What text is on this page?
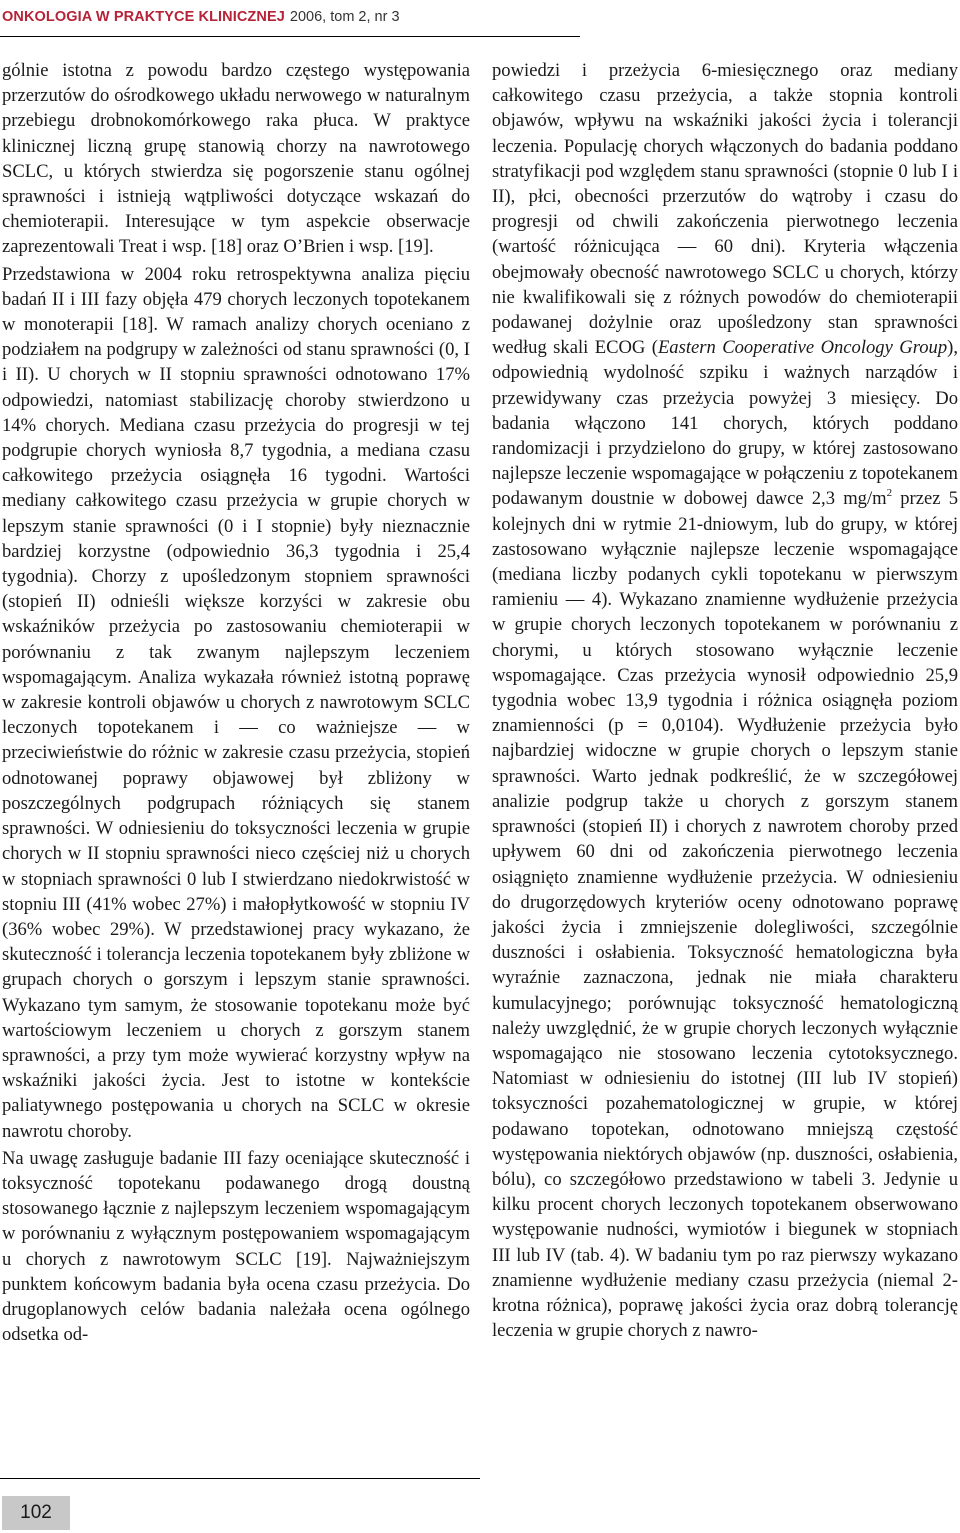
ONKOLOGIA W PRAKTYCE KLINICZNEJ 2006, tom 2, nr 3

gólnie istotna z powodu bardzo częstego występowania przerzutów do ośrodkowego układu nerwowego w naturalnym przebiegu drobnokomórkowego raka płuca. W praktyce klinicznej liczną grupę stanowią chorzy na nawrotowego SCLC, u których stwierdza się pogorszenie stanu ogólnej sprawności i istnieją wątpliwości dotyczące wskazań do chemioterapii. Interesujące w tym aspekcie obserwacje zaprezentowali Treat i wsp. [18] oraz O’Brien i wsp. [19].

Przedstawiona w 2004 roku retrospektywna analiza pięciu badań II i III fazy objęła 479 chorych leczonych topotekanem w monoterapii [18]. W ramach analizy chorych oceniano z podziałem na podgrupy w zależności od stanu sprawności (0, I i II). U chorych w II stopniu sprawności odnotowano 17% odpowiedzi, natomiast stabilizację choroby stwierdzono u 14% chorych. Mediana czasu przeżycia do progresji w tej podgrupie chorych wyniosła 8,7 tygodnia, a mediana czasu całkowitego przeżycia osiągnęła 16 tygodni. Wartości mediany całkowitego czasu przeżycia w grupie chorych w lepszym stanie sprawności (0 i I stopnie) były nieznacznie bardziej korzystne (odpowiednio 36,3 tygodnia i 25,4 tygodnia). Chorzy z upośledzonym stopniem sprawności (stopień II) odnieśli większe korzyści w zakresie obu wskaźników przeżycia po zastosowaniu chemioterapii w porównaniu z tak zwanym najlepszym leczeniem wspomagającym. Analiza wykazała również istotną poprawę w zakresie kontroli objawów u chorych z nawrotowym SCLC leczonych topotekanem i — co ważniejsze — w przeciwieństwie do różnic w zakresie czasu przeżycia, stopień odnotowanej poprawy objawowej był zbliżony w poszczególnych podgrupach różniących się stanem sprawności. W odniesieniu do toksyczności leczenia w grupie chorych w II stopniu sprawności nieco częściej niż u chorych w stopniach sprawności 0 lub I stwierdzano niedokrwistość w stopniu III (41% wobec 27%) i małopłytkowość w stopniu IV (36% wobec 29%). W przedstawionej pracy wykazano, że skuteczność i tolerancja leczenia topotekanem były zbliżone w grupach chorych o gorszym i lepszym stanie sprawności. Wykazano tym samym, że stosowanie topotekanu może być wartościowym leczeniem u chorych z gorszym stanem sprawności, a przy tym może wywierać korzystny wpływ na wskaźniki jakości życia. Jest to istotne w kontekście paliatywnego postępowania u chorych na SCLC w okresie nawrotu choroby.

Na uwagę zasługuje badanie III fazy oceniające skuteczność i toksyczność topotekanu podawanego drogą doustną stosowanego łącznie z najlepszym leczeniem wspomagającym w porównaniu z wyłącznym postępowaniem wspomagającym u chorych z nawrotowym SCLC [19]. Najważniejszym punktem końcowym badania była ocena czasu przeżycia. Do drugoplanowych celów badania należała ocena ogólnego odsetka od-

powiedzi i przeżycia 6-miesięcznego oraz mediany całkowitego czasu przeżycia, a także stopnia kontroli objawów, wpływu na wskaźniki jakości życia i tolerancji leczenia. Populację chorych włączonych do badania poddano stratyfikacji pod względem stanu sprawności (stopnie 0 lub I i II), płci, obecności przerzutów do wątroby i czasu do progresji od chwili zakończenia pierwotnego leczenia (wartość różnicująca — 60 dni). Kryteria włączenia obejmowały obecność nawrotowego SCLC u chorych, którzy nie kwalifikowali się z różnych powodów do chemioterapii podawanej dożylnie oraz upośledzony stan sprawności według skali ECOG (Eastern Cooperative Oncology Group), odpowiednią wydolność szpiku i ważnych narządów i przewidywany czas przeżycia powyżej 3 miesięcy. Do badania włączono 141 chorych, których poddano randomizacji i przydzielono do grupy, w której zastosowano najlepsze leczenie wspomagające w połączeniu z topotekanem podawanym doustnie w dobowej dawce 2,3 $mg/m^2$ przez 5 kolejnych dni w rytmie 21-dniowym, lub do grupy, w której zastosowano wyłącznie najlepsze leczenie wspomagające (mediana liczby podanych cykli topotekanu w pierwszym ramieniu — 4). Wykazano znamienne wydłużenie przeżycia w grupie chorych leczonych topotekanem w porównaniu z chorymi, u których stosowano wyłącznie leczenie wspomagające. Czas przeżycia wynosił odpowiednio 25,9 tygodnia wobec 13,9 tygodnia i różnica osiągnęła poziom znamienności (p = 0,0104). Wydłużenie przeżycia było najbardziej widoczne w grupie chorych o lepszym stanie sprawności. Warto jednak podkreślić, że w szczegółowej analizie podgrup także u chorych z gorszym stanem sprawności (stopień II) i chorych z nawrotem choroby przed upływem 60 dni od zakończenia pierwotnego leczenia osiągnięto znamienne wydłużenie przeżycia. W odniesieniu do drugorzędowych kryteriów oceny odnotowano poprawę jakości życia i zmniejszenie dolegliwości, szczególnie duszności i osłabienia. Toksyczność hematologiczna była wyraźnie zaznaczona, jednak nie miała charakteru kumulacyjnego; porównując toksyczność hematologiczną należy uwzględnić, że w grupie chorych leczonych wyłącznie wspomagająco nie stosowano leczenia cytotoksycznego. Natomiast w odniesieniu do istotnej (III lub IV stopień) toksyczności pozahematologicznej w grupie, w której podawano topotekan, odnotowano mniejszą częstość występowania niektórych objawów (np. duszności, osłabienia, bólu), co szczegółowo przedstawiono w tabeli 3. Jedynie u kilku procent chorych leczonych topotekanem obserwowano występowanie nudności, wymiotów i biegunek w stopniach III lub IV (tab. 4). W badaniu tym po raz pierwszy wykazano znamienne wydłużenie mediany czasu przeżycia (niemal 2-krotna różnica), poprawę jakości życia oraz dobrą tolerancję leczenia w grupie chorych z nawro-

102
